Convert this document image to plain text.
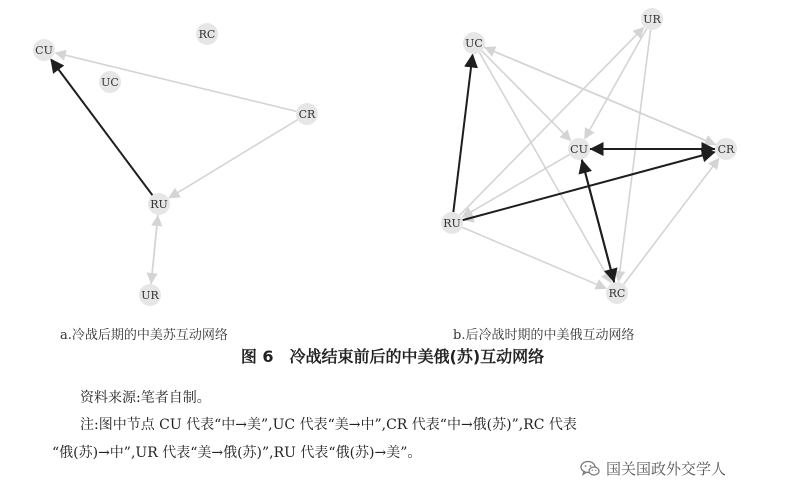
CU
RC
UC
CR
RU
UR
UR
UC
CU	CR
RU
RC
a.冷战后期的中美苏互动网络	b.后冷战时期的中美俄互动网络
图 6　冷战结束前后的中美俄(苏)互动网络
资料来源:笔者自制。
注:图中节点 CU 代表“中→美”,UC 代表“美→中”,CR 代表“中→俄(苏)”,RC 代表
“俄(苏)→中”,UR 代表“美→俄(苏)”,RU 代表“俄(苏)→美”。
国关国政外交学人
